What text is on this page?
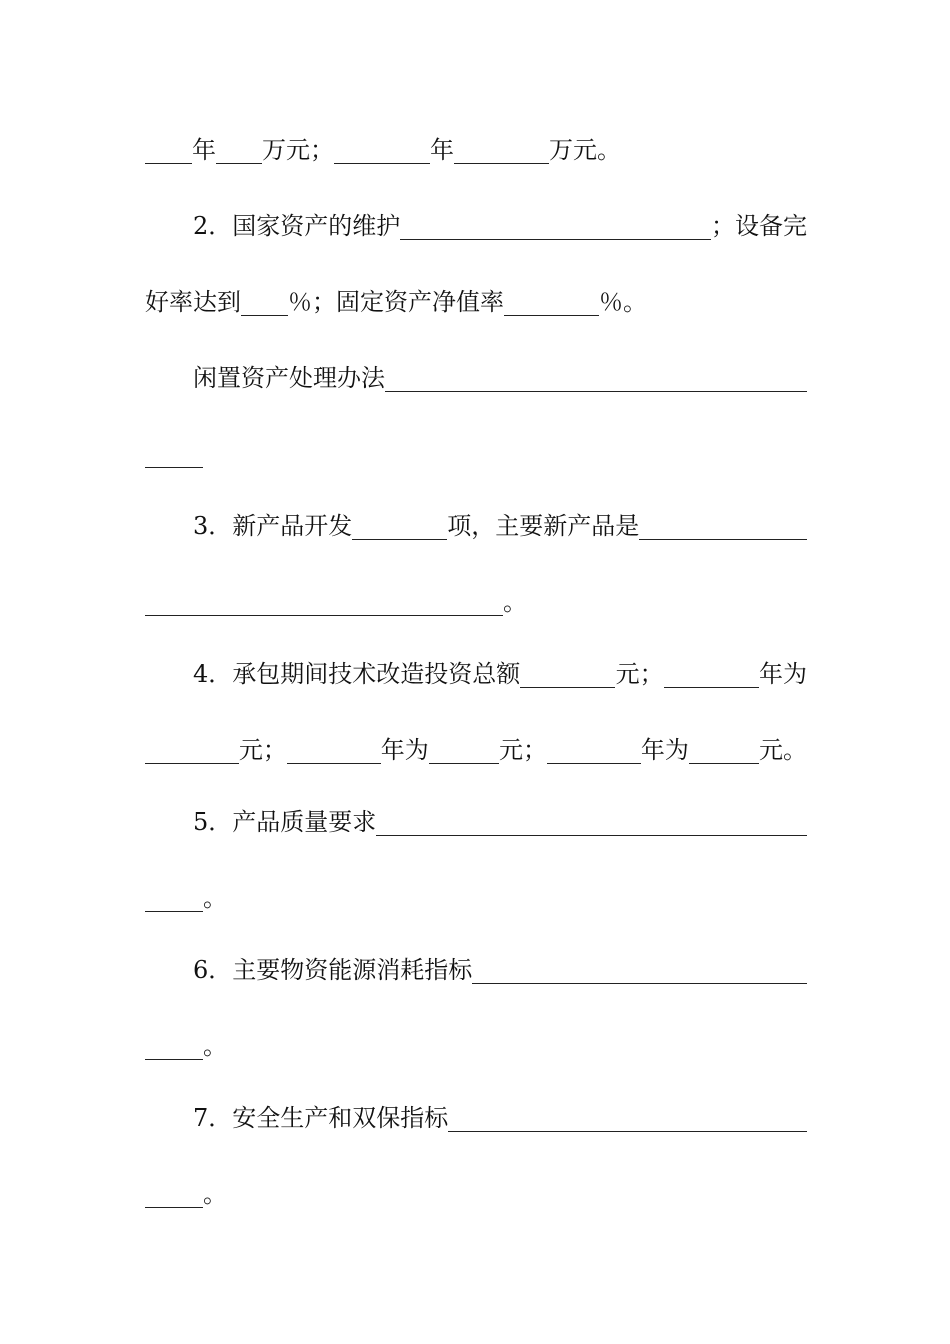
年 万元；	年	万元。
2．国家资产的维护	；设备完
好率达到 ％；固定资产净值率	％。
闲置资产处理办法
3．新产品开发	项，主要新产品是
。
4．承包期间技术改造投资总额	元；	年为
元；	年为	元；	年为	元。
5．产品质量要求
。
6．主要物资能源消耗指标
。
7．安全生产和双保指标
。
